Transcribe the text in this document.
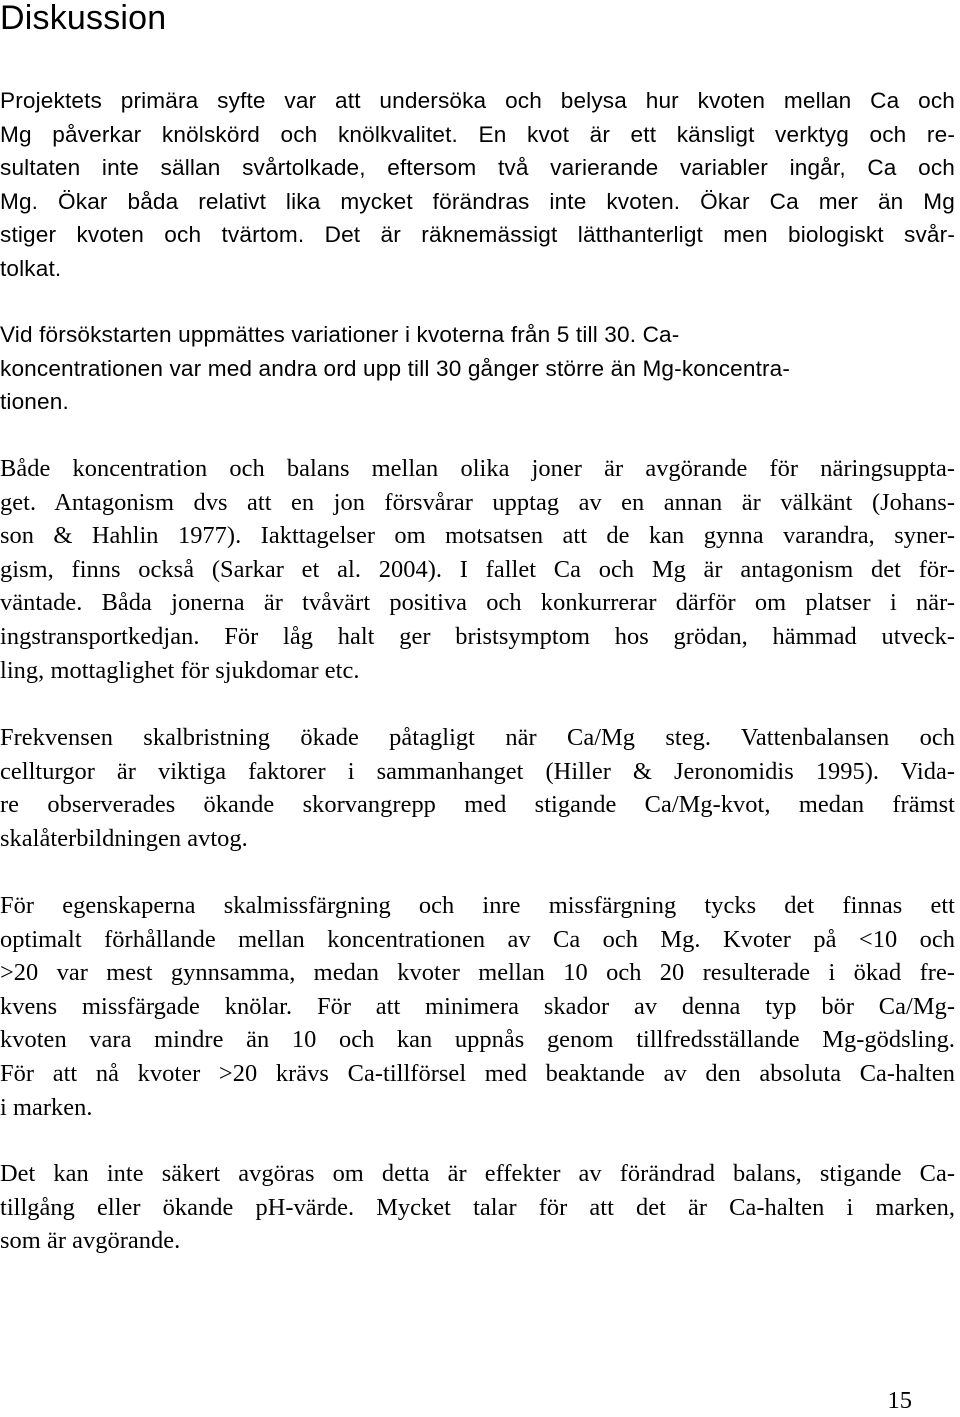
Diskussion

Projektets primära syfte var att undersöka och belysa hur kvoten mellan Ca och
Mg påverkar knölskörd och knölkvalitet. En kvot är ett känsligt verktyg och re-
sultaten inte sällan svårtolkade, eftersom två varierande variabler ingår, Ca och
Mg. Ökar båda relativt lika mycket förändras inte kvoten. Ökar Ca mer än Mg
stiger kvoten och tvärtom. Det är räknemässigt lätthanterligt men biologiskt svår-
tolkat.

Vid försökstarten uppmättes variationer i kvoterna från 5 till 30. Ca-
koncentrationen var med andra ord upp till 30 gånger större än Mg-koncentra-
tionen.

Både koncentration och balans mellan olika joner är avgörande för näringsuppta-
get. Antagonism dvs att en jon försvårar upptag av en annan är välkänt (Johans-
son & Hahlin 1977). Iakttagelser om motsatsen att de kan gynna varandra, syner-
gism, finns också (Sarkar et al. 2004). I fallet Ca och Mg är antagonism det för-
väntade. Båda jonerna är tvåvärt positiva och konkurrerar därför om platser i när-
ingstransportkedjan. För låg halt ger bristsymptom hos grödan, hämmad utveck-
ling, mottaglighet för sjukdomar etc.

Frekvensen skalbristning ökade påtagligt när Ca/Mg steg. Vattenbalansen och
cellturgor är viktiga faktorer i sammanhanget (Hiller & Jeronomidis 1995). Vida-
re observerades ökande skorvangrepp med stigande Ca/Mg-kvot, medan främst
skalåterbildningen avtog.

För egenskaperna skalmissfärgning och inre missfärgning tycks det finnas ett
optimalt förhållande mellan koncentrationen av Ca och Mg. Kvoter på <10 och
>20 var mest gynnsamma, medan kvoter mellan 10 och 20 resulterade i ökad fre-
kvens missfärgade knölar. För att minimera skador av denna typ bör Ca/Mg-
kvoten vara mindre än 10 och kan uppnås genom tillfredsställande Mg-gödsling.
För att nå kvoter >20 krävs Ca-tillförsel med beaktande av den absoluta Ca-halten
i marken.

Det kan inte säkert avgöras om detta är effekter av förändrad balans, stigande Ca-
tillgång eller ökande pH-värde. Mycket talar för att det är Ca-halten i marken,
som är avgörande.

15
